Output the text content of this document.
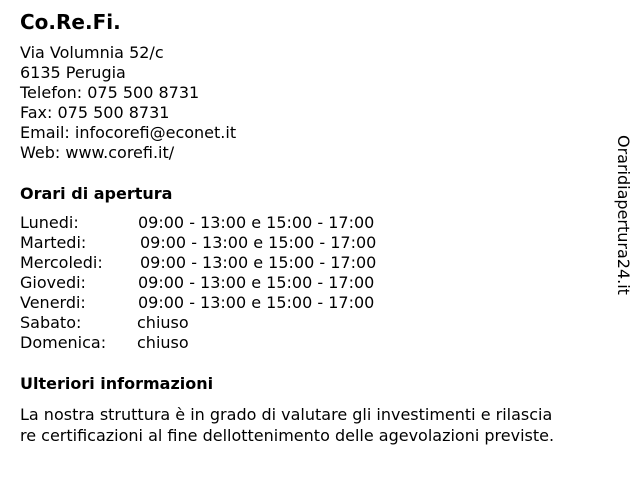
Co.Re.Fi.
Via Volumnia 52/c
6135 Perugia
Telefon: 075 500 8731
Fax: 075 500 8731
Email: infocorefi@econet.it
Web: www.corefi.it/
Orari di apertura
Lunedi:	09:00 - 13:00 e 15:00 - 17:00
Martedi:	09:00 - 13:00 e 15:00 - 17:00
Mercoledi: 09:00 - 13:00 e 15:00 - 17:00
Giovedi:	09:00 - 13:00 e 15:00 - 17:00
Venerdi:	09:00 - 13:00 e 15:00 - 17:00
Sabato:	chiuso
Domenica: chiuso
Ulteriori informazioni
La nostra struttura è in grado di valutare gli investimenti e rilascia
re certificazioni al fine dellottenimento delle agevolazioni previste.
Oraridiapertura24.it
